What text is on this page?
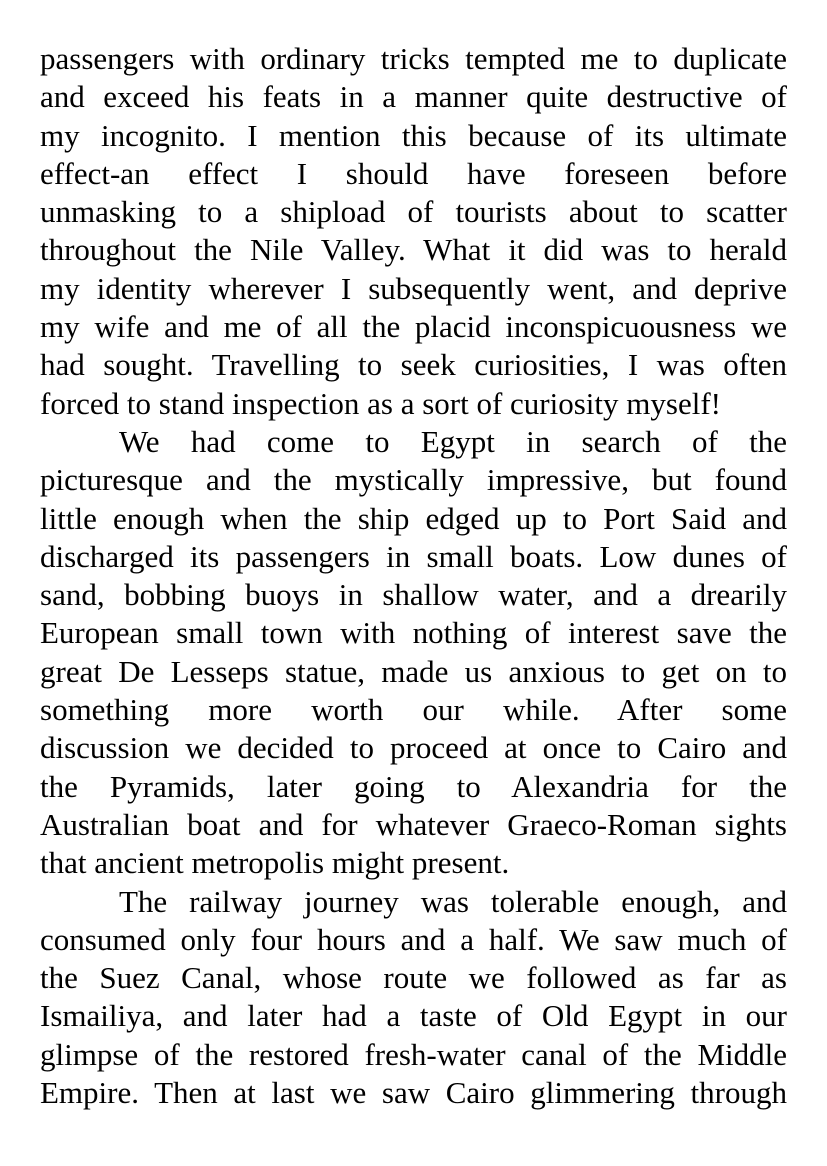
passengers with ordinary tricks tempted me to duplicate
and exceed his feats in a manner quite destructive of
my incognito. I mention this because of its ultimate
effect-an effect I should have foreseen before
unmasking to a shipload of tourists about to scatter
throughout the Nile Valley. What it did was to herald
my identity wherever I subsequently went, and deprive
my wife and me of all the placid inconspicuousness we
had sought. Travelling to seek curiosities, I was often
forced to stand inspection as a sort of curiosity myself!
We had come to Egypt in search of the
picturesque and the mystically impressive, but found
little enough when the ship edged up to Port Said and
discharged its passengers in small boats. Low dunes of
sand, bobbing buoys in shallow water, and a drearily
European small town with nothing of interest save the
great De Lesseps statue, made us anxious to get on to
something more worth our while. After some
discussion we decided to proceed at once to Cairo and
the Pyramids, later going to Alexandria for the
Australian boat and for whatever Graeco-Roman sights
that ancient metropolis might present.
The railway journey was tolerable enough, and
consumed only four hours and a half. We saw much of
the Suez Canal, whose route we followed as far as
Ismailiya, and later had a taste of Old Egypt in our
glimpse of the restored fresh-water canal of the Middle
Empire. Then at last we saw Cairo glimmering through
